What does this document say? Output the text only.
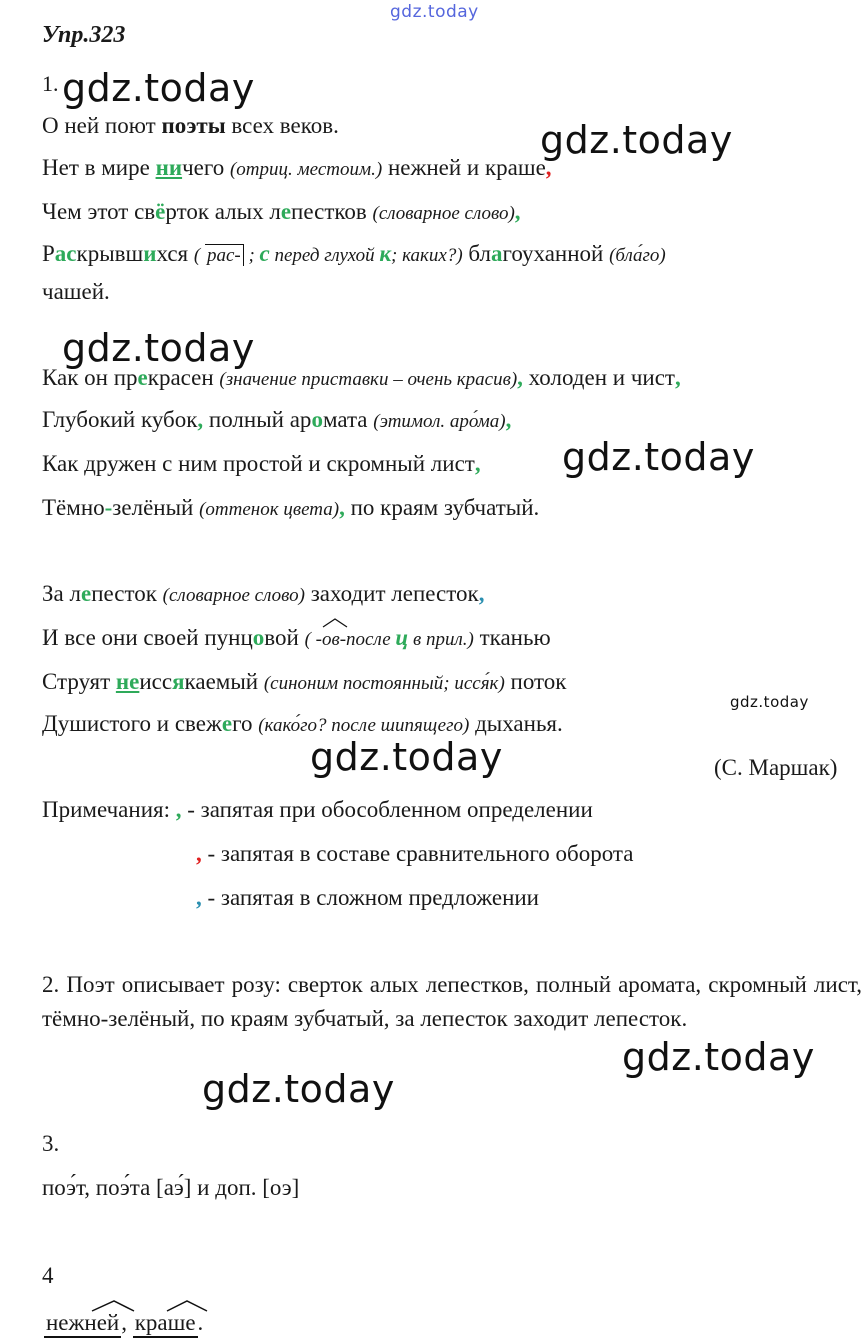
gdz.today
gdz.today
gdz.today
gdz.today
gdz.today
gdz.today
gdz.today
gdz.today
gdz.today
Упр.323
1.
О ней поют поэты всех веков.
Нет в мире ничего (отриц. местоим.) нежней и краше,
Чем этот свёрток алых лепестков (словарное слово),
Раскрывшихся ( рас- ; с перед глухой к; каких?) благоуханной (бла́го)
чашей.
Как он прекрасен (значение приставки – очень красив), холоден и чист,
Глубокий кубок, полный аромата (этимол. аро́ма),
Как дружен с ним простой и скромный лист,
Тёмно-зелёный (оттенок цвета), по краям зубчатый.
За лепесток (словарное слово) заходит лепесток,
И все они своей пунцовой ( -
ов-после ц в прил.) тканью
Струят неиссякаемый (синоним постоянный; исся́к) поток
Душистого и свежего (како́го? после шипящего) дыханья.
(С. Маршак)
Примечания: , - запятая при обособленном определении
, - запятая в составе сравнительного оборота
, - запятая в сложном предложении
2. Поэт описывает розу: сверток алых лепестков, полный аромата, скромный лист, тёмно-зелёный, по краям зубчатый, за лепесток заходит лепесток.
3.
поэ́т, поэ́та [аэ́] и доп. [оэ]
4
нежней, краше.
